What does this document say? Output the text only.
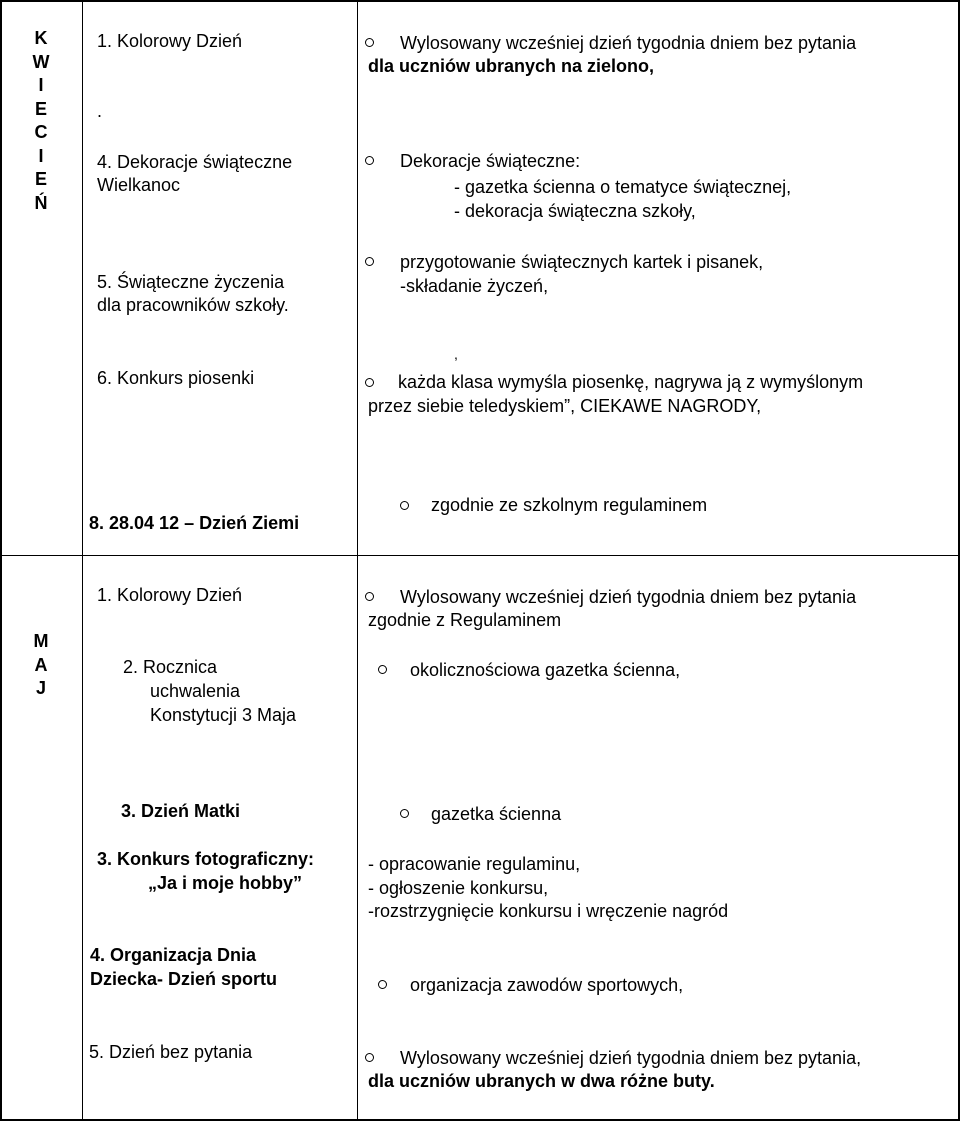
K
W
I
E
C
I
E
Ń
1. Kolorowy Dzień
.
4. Dekoracje świąteczne
Wielkanoc
5. Świąteczne życzenia
dla pracowników szkoły.
6. Konkurs piosenki
8. 28.04 12 – Dzień Ziemi
Wylosowany wcześniej dzień tygodnia dniem bez pytania
dla uczniów ubranych na zielono,
Dekoracje świąteczne:
- gazetka ścienna o tematyce świątecznej,
- dekoracja świąteczna szkoły,
przygotowanie świątecznych kartek i pisanek,
-składanie życzeń,
,
każda klasa wymyśla piosenkę, nagrywa ją z wymyślonym
przez siebie teledyskiem”, CIEKAWE NAGRODY,
zgodnie ze szkolnym regulaminem
M
A
J
1. Kolorowy Dzień
2. Rocznica
uchwalenia
Konstytucji 3 Maja
3. Dzień Matki
3. Konkurs fotograficzny:
„Ja i moje hobby”
4. Organizacja Dnia
Dziecka- Dzień sportu
5. Dzień bez pytania
Wylosowany wcześniej dzień tygodnia dniem bez pytania
zgodnie z Regulaminem
okolicznościowa gazetka ścienna,
gazetka ścienna
- opracowanie regulaminu,
- ogłoszenie konkursu,
-rozstrzygnięcie konkursu i wręczenie nagród
organizacja zawodów sportowych,
Wylosowany wcześniej dzień tygodnia dniem bez pytania,
dla uczniów ubranych w dwa różne buty.
